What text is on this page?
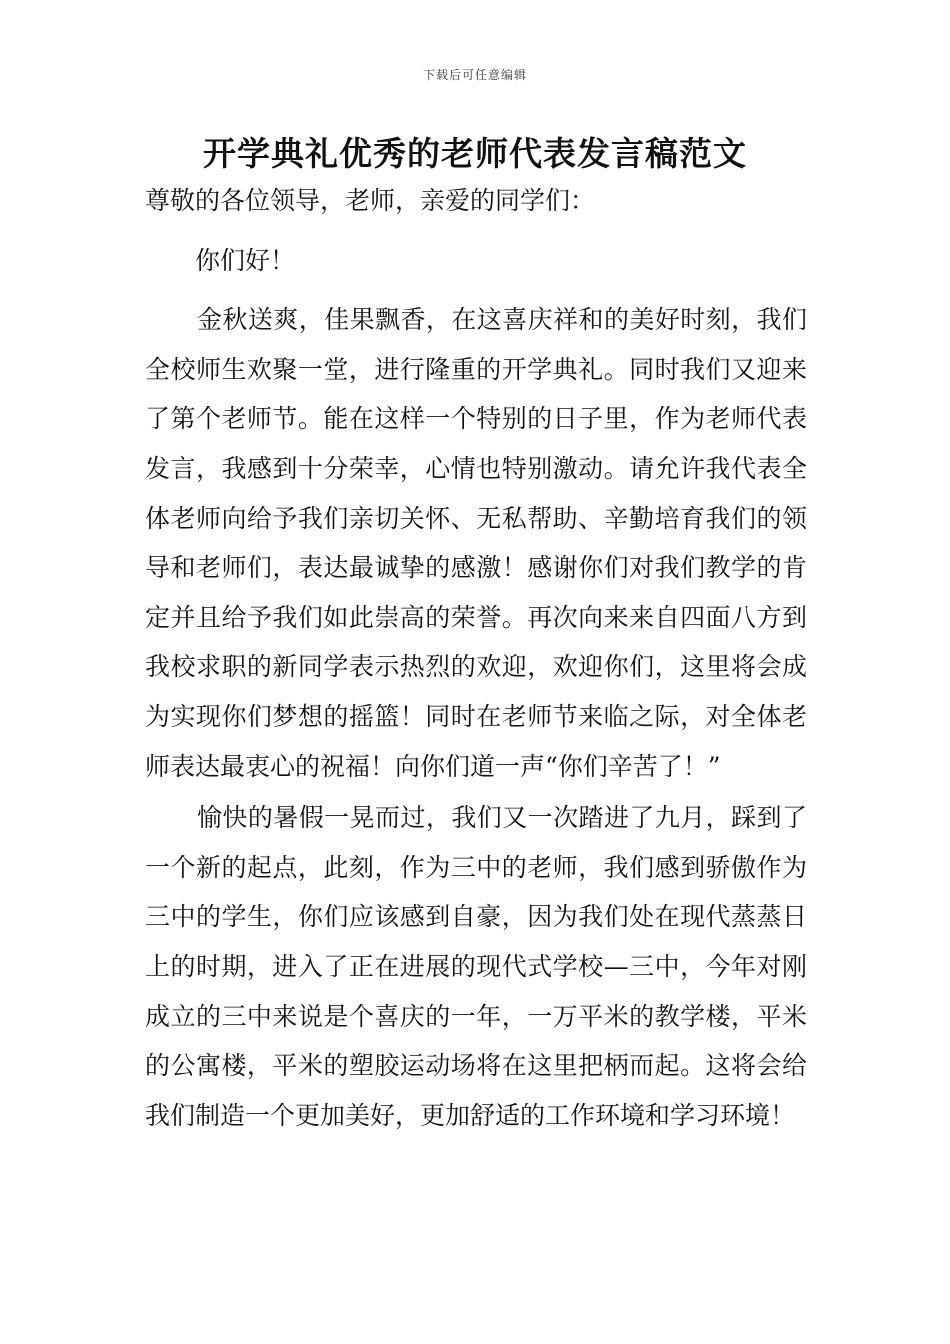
下载后可任意编辑
开学典礼优秀的老师代表发言稿范文

尊敬的各位领导，老师，亲爱的同学们：

你们好！

金秋送爽，佳果飘香，在这喜庆祥和的美好时刻，我们全校师生欢聚一堂，进行隆重的开学典礼。同时我们又迎来了第个老师节。能在这样一个特别的日子里，作为老师代表发言，我感到十分荣幸，心情也特别激动。请允许我代表全体老师向给予我们亲切关怀、无私帮助、辛勤培育我们的领导和老师们，表达最诚挚的感激！感谢你们对我们教学的肯定并且给予我们如此崇高的荣誉。再次向来来自四面八方到我校求职的新同学表示热烈的欢迎，欢迎你们，这里将会成为实现你们梦想的摇篮！同时在老师节来临之际，对全体老师表达最衷心的祝福！向你们道一声“你们辛苦了！”

愉快的暑假一晃而过，我们又一次踏进了九月，踩到了一个新的起点，此刻，作为三中的老师，我们感到骄傲作为三中的学生，你们应该感到自豪，因为我们处在现代蒸蒸日上的时期，进入了正在进展的现代式学校—三中，今年对刚成立的三中来说是个喜庆的一年，一万平米的教学楼，平米的公寓楼，平米的塑胶运动场将在这里把柄而起。这将会给我们制造一个更加美好，更加舒适的工作环境和学习环境！
